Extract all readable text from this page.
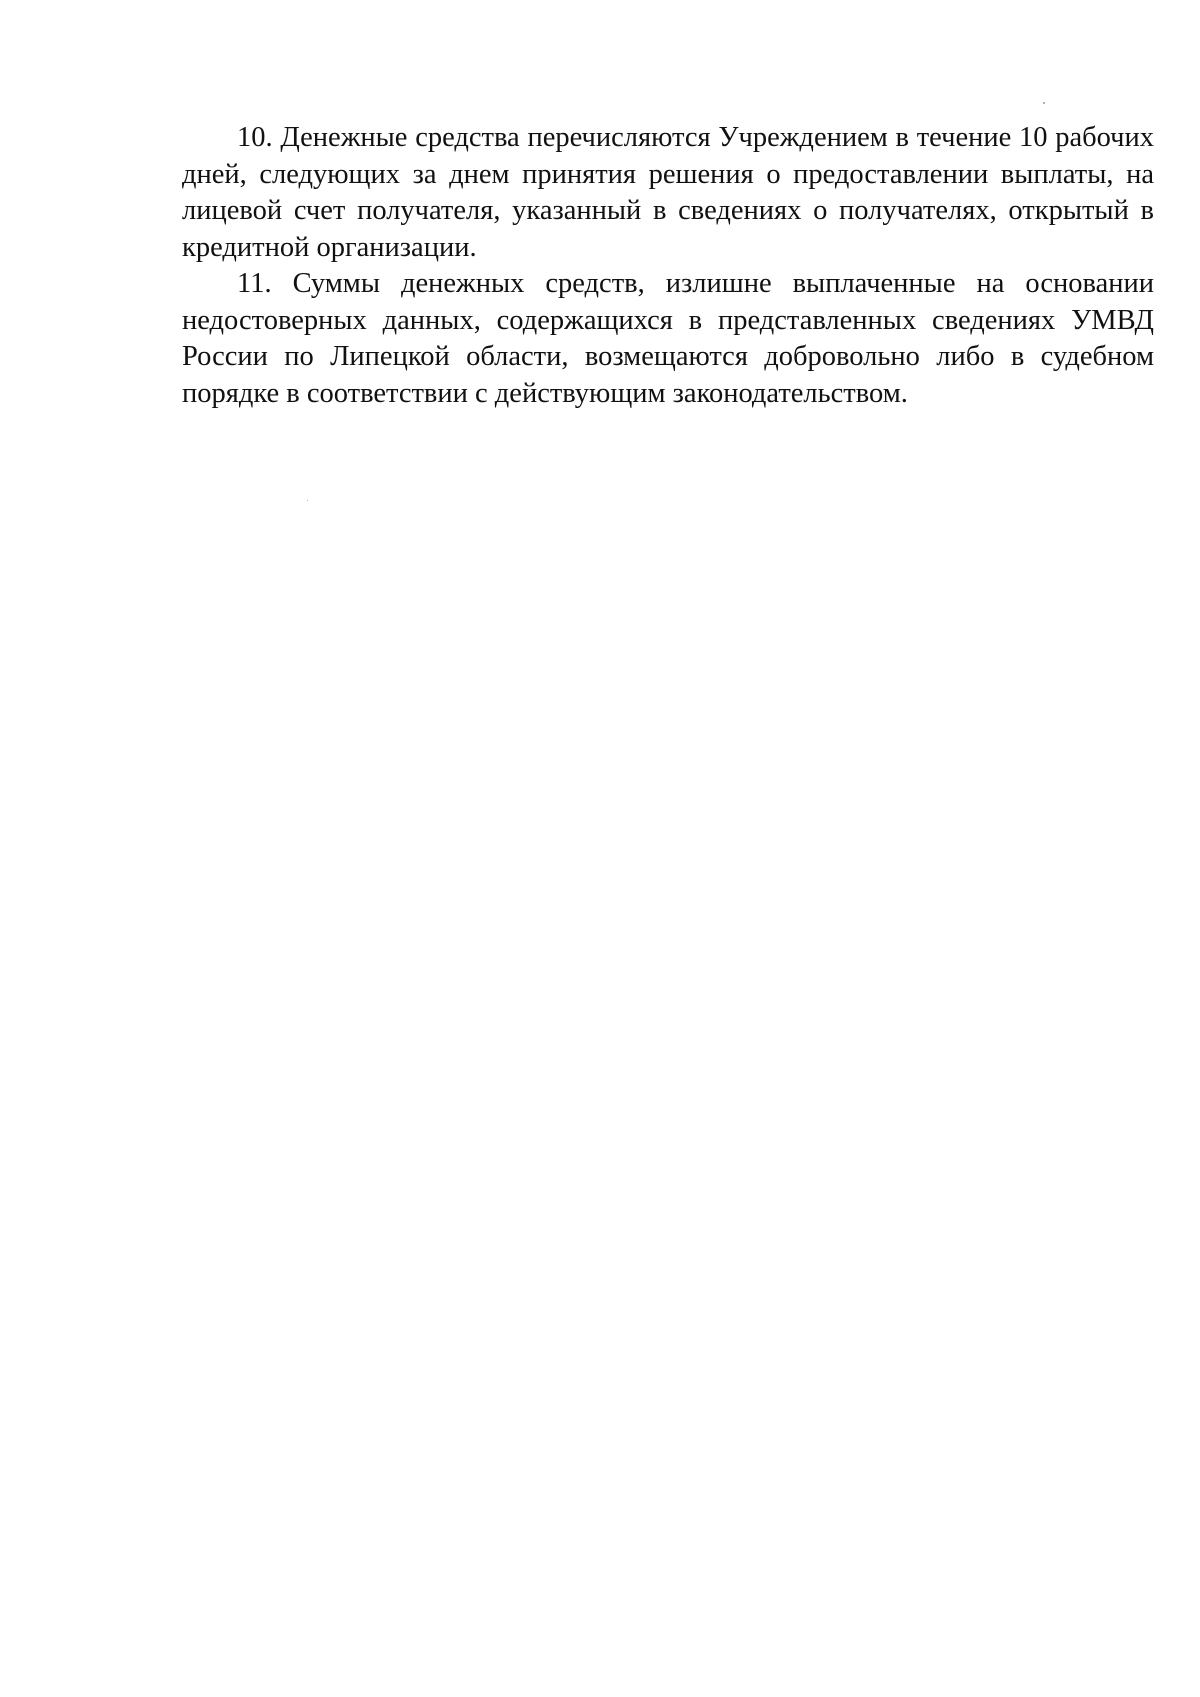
10. Денежные средства перечисляются Учреждением в течение 10 рабочих дней, следующих за днем принятия решения о предоставлении выплаты, на лицевой счет получателя, указанный в сведениях о получателях, открытый в кредитной организации.

11. Суммы денежных средств, излишне выплаченные на основании недостоверных данных, содержащихся в представленных сведениях УМВД России по Липецкой области, возмещаются добровольно либо в судебном порядке в соответствии с действующим законодательством.
